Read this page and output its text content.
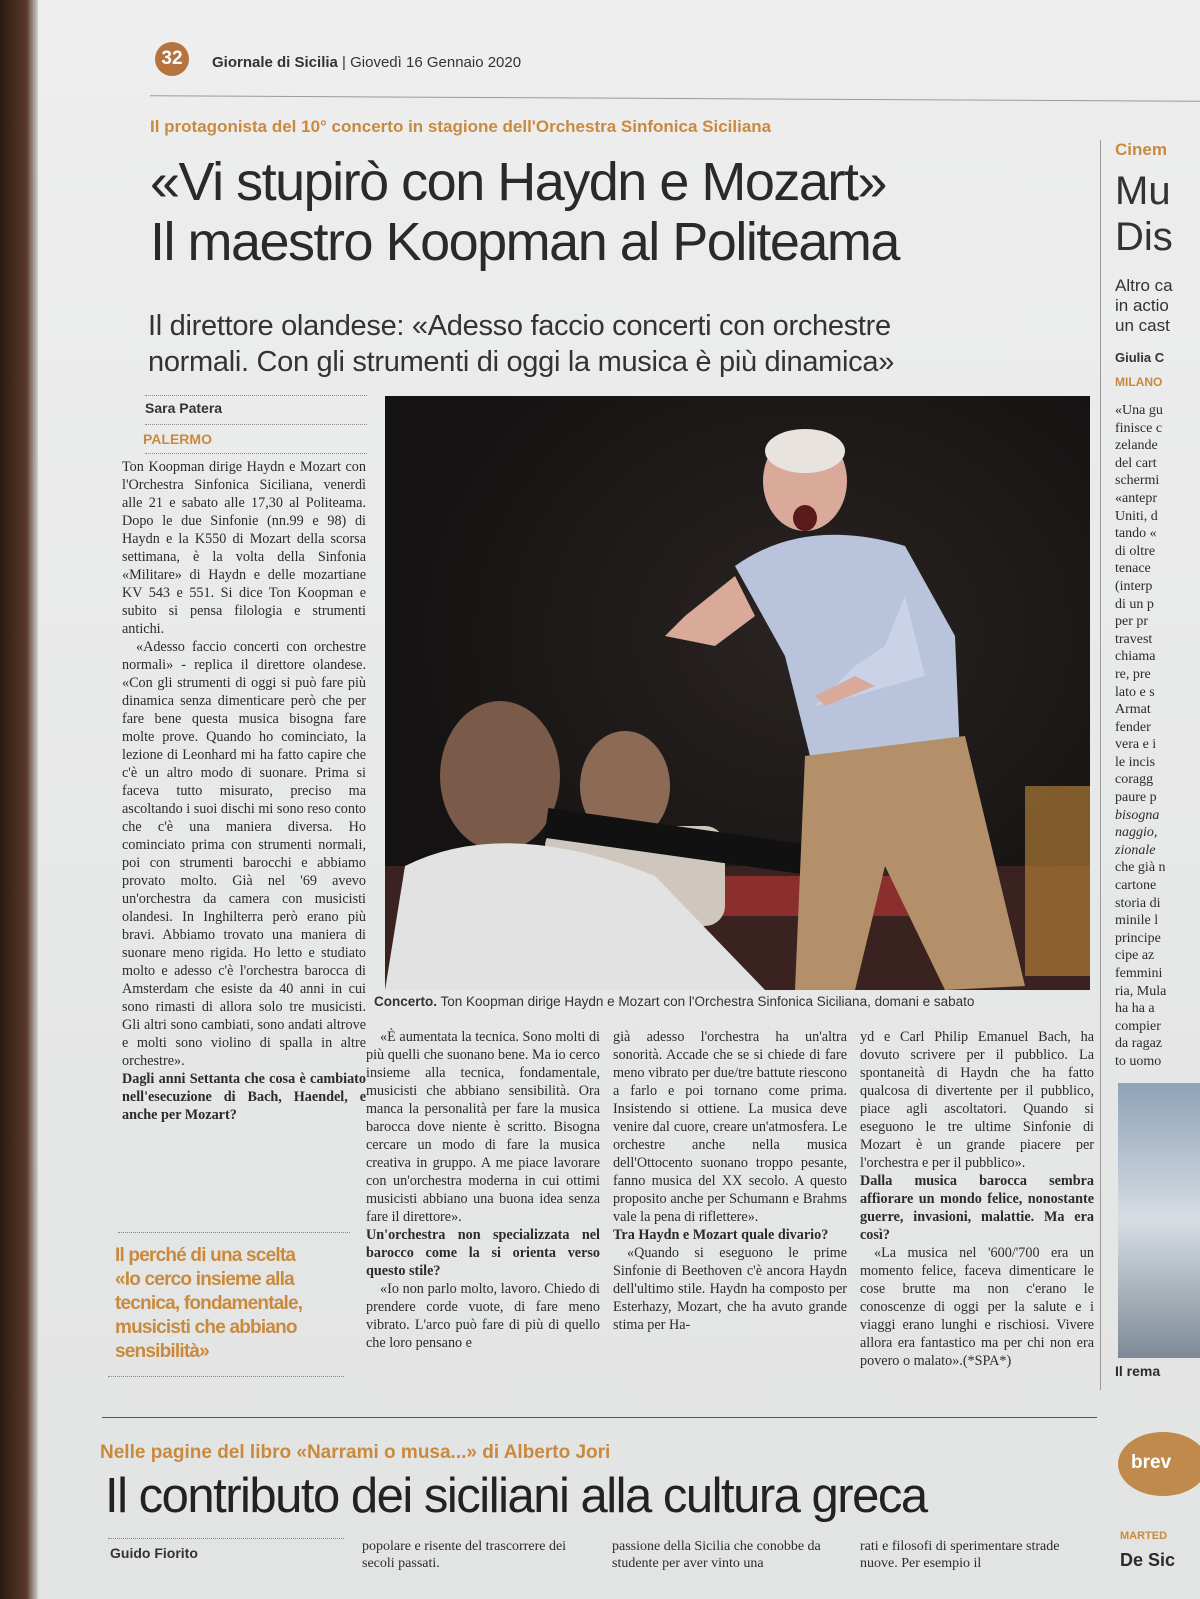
32	Giornale di Sicilia | Giovedì 16 Gennaio 2020
Il protagonista del 10° concerto in stagione dell'Orchestra Sinfonica Siciliana
«Vi stupirò con Haydn e Mozart»
Il maestro Koopman al Politeama
Il direttore olandese: «Adesso faccio concerti con orchestre
normali. Con gli strumenti di oggi la musica è più dinamica»
Sara Patera
PALERMO

Ton Koopman dirige Haydn e Mozart con l'Orchestra Sinfonica Siciliana, venerdì alle 21 e sabato alle 17,30 al Politeama. Dopo le due Sinfonie (nn.99 e 98) di Haydn e la K550 di Mozart della scorsa settimana, è la volta della Sinfonia «Militare» di Haydn e delle mozartiane KV 543 e 551. Si dice Ton Koopman e subito si pensa filologia e strumenti antichi.

«Adesso faccio concerti con orchestre normali» - replica il direttore olandese. «Con gli strumenti di oggi si può fare più dinamica senza dimenticare però che per fare bene questa musica bisogna fare molte prove. Quando ho cominciato, la lezione di Leonhard mi ha fatto capire che c'è un altro modo di suonare. Prima si faceva tutto misurato, preciso ma ascoltando i suoi dischi mi sono reso conto che c'è una maniera diversa. Ho cominciato prima con strumenti normali, poi con strumenti barocchi e abbiamo provato molto. Già nel '69 avevo un'orchestra da camera con musicisti olandesi. In Inghilterra però erano più bravi. Abbiamo trovato una maniera di suonare meno rigida. Ho letto e studiato molto e adesso c'è l'orchestra barocca di Amsterdam che esiste da 40 anni in cui sono rimasti di allora solo tre musicisti. Gli altri sono cambiati, sono andati altrove e molti sono violino di spalla in altre orchestre».

Dagli anni Settanta che cosa è cambiato nell'esecuzione di Bach, Haendel, e anche per Mozart?

Il perché di una scelta
«Io cerco insieme alla tecnica, fondamentale, musicisti che abbiano sensibilità»
Concerto. Ton Koopman dirige Haydn e Mozart con l'Orchestra Sinfonica Siciliana, domani e sabato

«È aumentata la tecnica. Sono molti di più quelli che suonano bene. Ma io cerco insieme alla tecnica, fondamentale, musicisti che abbiano sensibilità. Ora manca la personalità per fare la musica barocca dove niente è scritto. Bisogna cercare un modo di fare la musica creativa in gruppo. A me piace lavorare con un'orchestra moderna in cui ottimi musicisti abbiano una buona idea senza fare il direttore».

Un'orchestra non specializzata nel barocco come la si orienta verso questo stile?

«Io non parlo molto, lavoro. Chiedo di prendere corde vuote, di fare meno vibrato. L'arco può fare di più di quello che loro pensano e

già adesso l'orchestra ha un'altra sonorità. Accade che se si chiede di fare meno vibrato per due/tre battute riescono a farlo e poi tornano come prima. Insistendo si ottiene. La musica deve venire dal cuore, creare un'atmosfera. Le orchestre anche nella musica dell'Ottocento suonano troppo pesante, fanno musica del XX secolo. A questo proposito anche per Schumann e Brahms vale la pena di riflettere».

Tra Haydn e Mozart quale divario?

«Quando si eseguono le prime Sinfonie di Beethoven c'è ancora Haydn dell'ultimo stile. Haydn ha composto per Esterhazy, Mozart, che ha avuto grande stima per Ha-

yd e Carl Philip Emanuel Bach, ha dovuto scrivere per il pubblico. La spontaneità di Haydn che ha fatto qualcosa di divertente per il pubblico, piace agli ascoltatori. Quando si eseguono le tre ultime Sinfonie di Mozart è un grande piacere per l'orchestra e per il pubblico».

Dalla musica barocca sembra affiorare un mondo felice, nonostante guerre, invasioni, malattie. Ma era così?

«La musica nel '600/'700 era un momento felice, faceva dimenticare le cose brutte ma non c'erano le conoscenze di oggi per la salute e i viaggi erano lunghi e rischiosi. Vivere allora era fantastico ma per chi non era povero o malato».(*SPA*)

Cinem
Mu
Dis
Altro ca
in actio
un cast
Giulia C
MILANO
«Una gu
finisce c
zelande
del cart
schermi
«antepr
Uniti, d
tando «
di oltre
tenace
(interp
di un p
per pr
travest
chiama
re, pre
lato e s
Armat
fender
vera e i
le incis
coragg
paure p
bisogna
naggio,
zionale
che già n
cartone
storia di
minile l
principe
cipe az
femmini
ria, Mula
ha ha a
compier
da ragaz
to uomo
Il rema
Nelle pagine del libro «Narrami o musa...» di Alberto Jori
Il contributo dei siciliani alla cultura greca
Guido Fiorito	popolare e risente del trascorrere dei secoli passati.
passione della Sicilia che conobbe da studente per aver vinto una
rati e filosofi di sperimentare strade nuove. Per esempio il
brev
MARTED
De Sic
